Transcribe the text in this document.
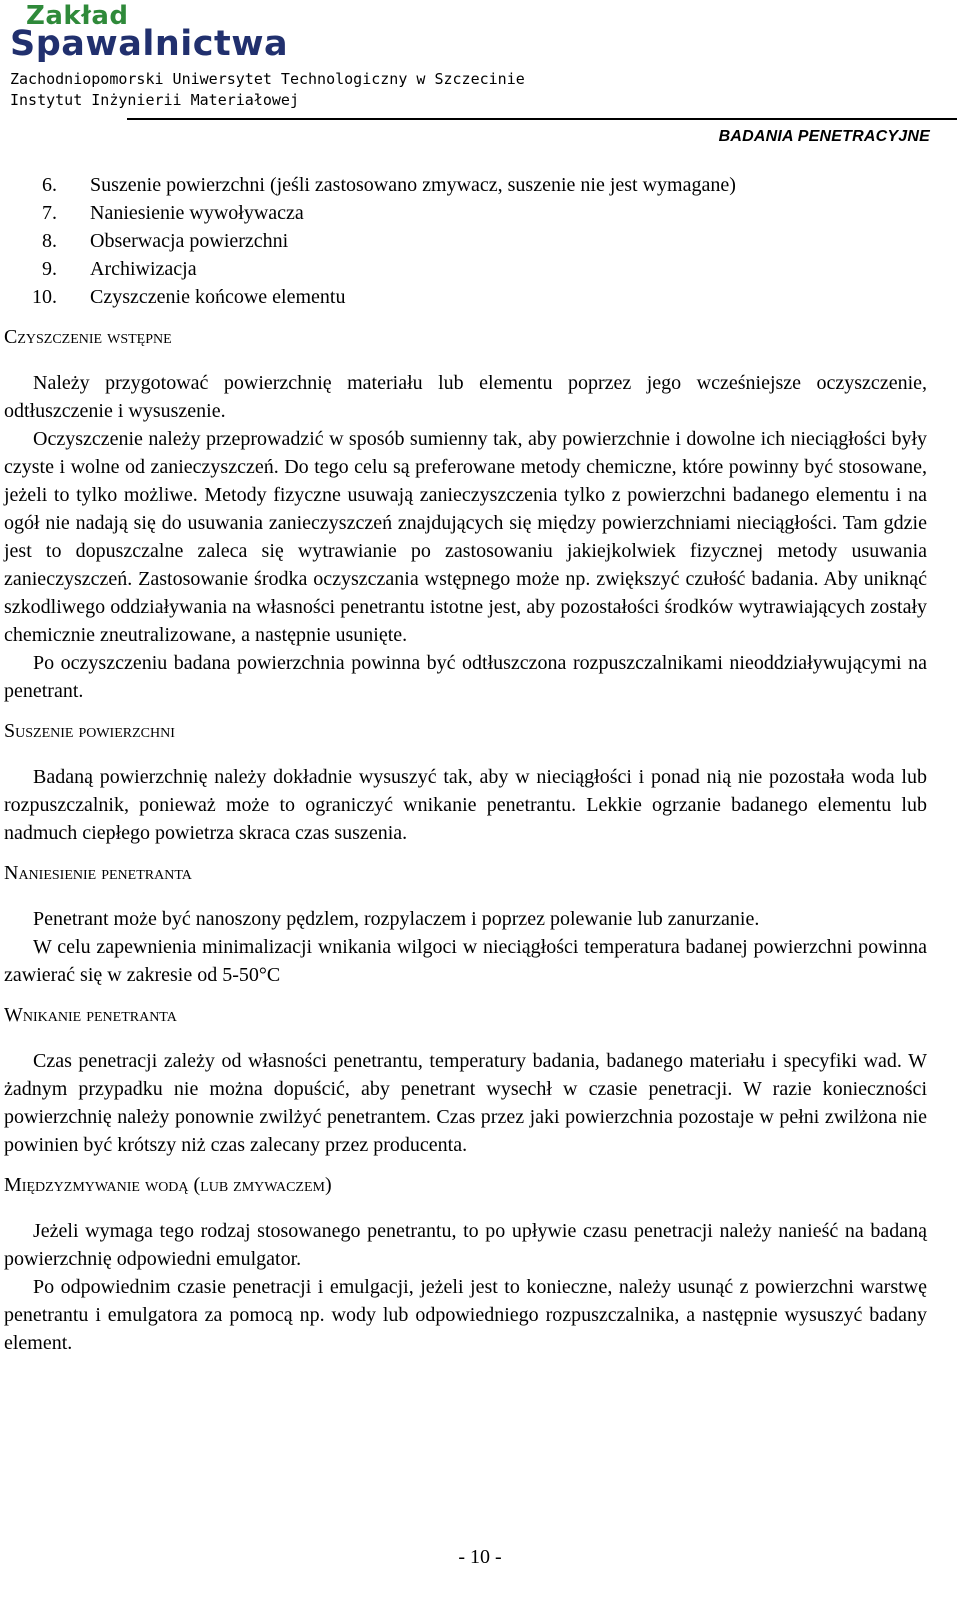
Zakład
Spawalnictwa
Zachodniopomorski Uniwersytet Technologiczny w Szczecinie
Instytut Inżynierii Materiałowej
BADANIA PENETRACYJNE
6. Suszenie powierzchni (jeśli zastosowano zmywacz, suszenie nie jest wymagane)
7. Naniesienie wywoływacza
8. Obserwacja powierzchni
9. Archiwizacja
10. Czyszczenie końcowe elementu
Czyszczenie wstępne

Należy przygotować powierzchnię materiału lub elementu poprzez jego wcześniejsze oczyszczenie, odtłuszczenie i wysuszenie.

Oczyszczenie należy przeprowadzić w sposób sumienny tak, aby powierzchnie i dowolne ich nieciągłości były czyste i wolne od zanieczyszczeń. Do tego celu są preferowane metody chemiczne, które powinny być stosowane, jeżeli to tylko możliwe. Metody fizyczne usuwają zanieczyszczenia tylko z powierzchni badanego elementu i na ogół nie nadają się do usuwania zanieczyszczeń znajdujących się między powierzchniami nieciągłości. Tam gdzie jest to dopuszczalne zaleca się wytrawianie po zastosowaniu jakiejkolwiek fizycznej metody usuwania zanieczyszczeń. Zastosowanie środka oczyszczania wstępnego może np. zwiększyć czułość badania. Aby uniknąć szkodliwego oddziaływania na własności penetrantu istotne jest, aby pozostałości środków wytrawiających zostały chemicznie zneutralizowane, a następnie usunięte.

Po oczyszczeniu badana powierzchnia powinna być odtłuszczona rozpuszczalnikami nieoddziaływującymi na penetrant.

Suszenie powierzchni

Badaną powierzchnię należy dokładnie wysuszyć tak, aby w nieciągłości i ponad nią nie pozostała woda lub rozpuszczalnik, ponieważ może to ograniczyć wnikanie penetrantu. Lekkie ogrzanie badanego elementu lub nadmuch ciepłego powietrza skraca czas suszenia.

Naniesienie penetranta

Penetrant może być nanoszony pędzlem, rozpylaczem i poprzez polewanie lub zanurzanie.

W celu zapewnienia minimalizacji wnikania wilgoci w nieciągłości temperatura badanej powierzchni powinna zawierać się w zakresie od 5-50°C

Wnikanie penetranta

Czas penetracji zależy od własności penetrantu, temperatury badania, badanego materiału i specyfiki wad. W żadnym przypadku nie można dopuścić, aby penetrant wysechł w czasie penetracji. W razie konieczności powierzchnię należy ponownie zwilżyć penetrantem. Czas przez jaki powierzchnia pozostaje w pełni zwilżona nie powinien być krótszy niż czas zalecany przez producenta.

Międzyzmywanie wodą (lub zmywaczem)

Jeżeli wymaga tego rodzaj stosowanego penetrantu, to po upływie czasu penetracji należy nanieść na badaną powierzchnię odpowiedni emulgator.

Po odpowiednim czasie penetracji i emulgacji, jeżeli jest to konieczne, należy usunąć z powierzchni warstwę penetrantu i emulgatora za pomocą np. wody lub odpowiedniego rozpuszczalnika, a następnie wysuszyć badany element.

- 10 -
